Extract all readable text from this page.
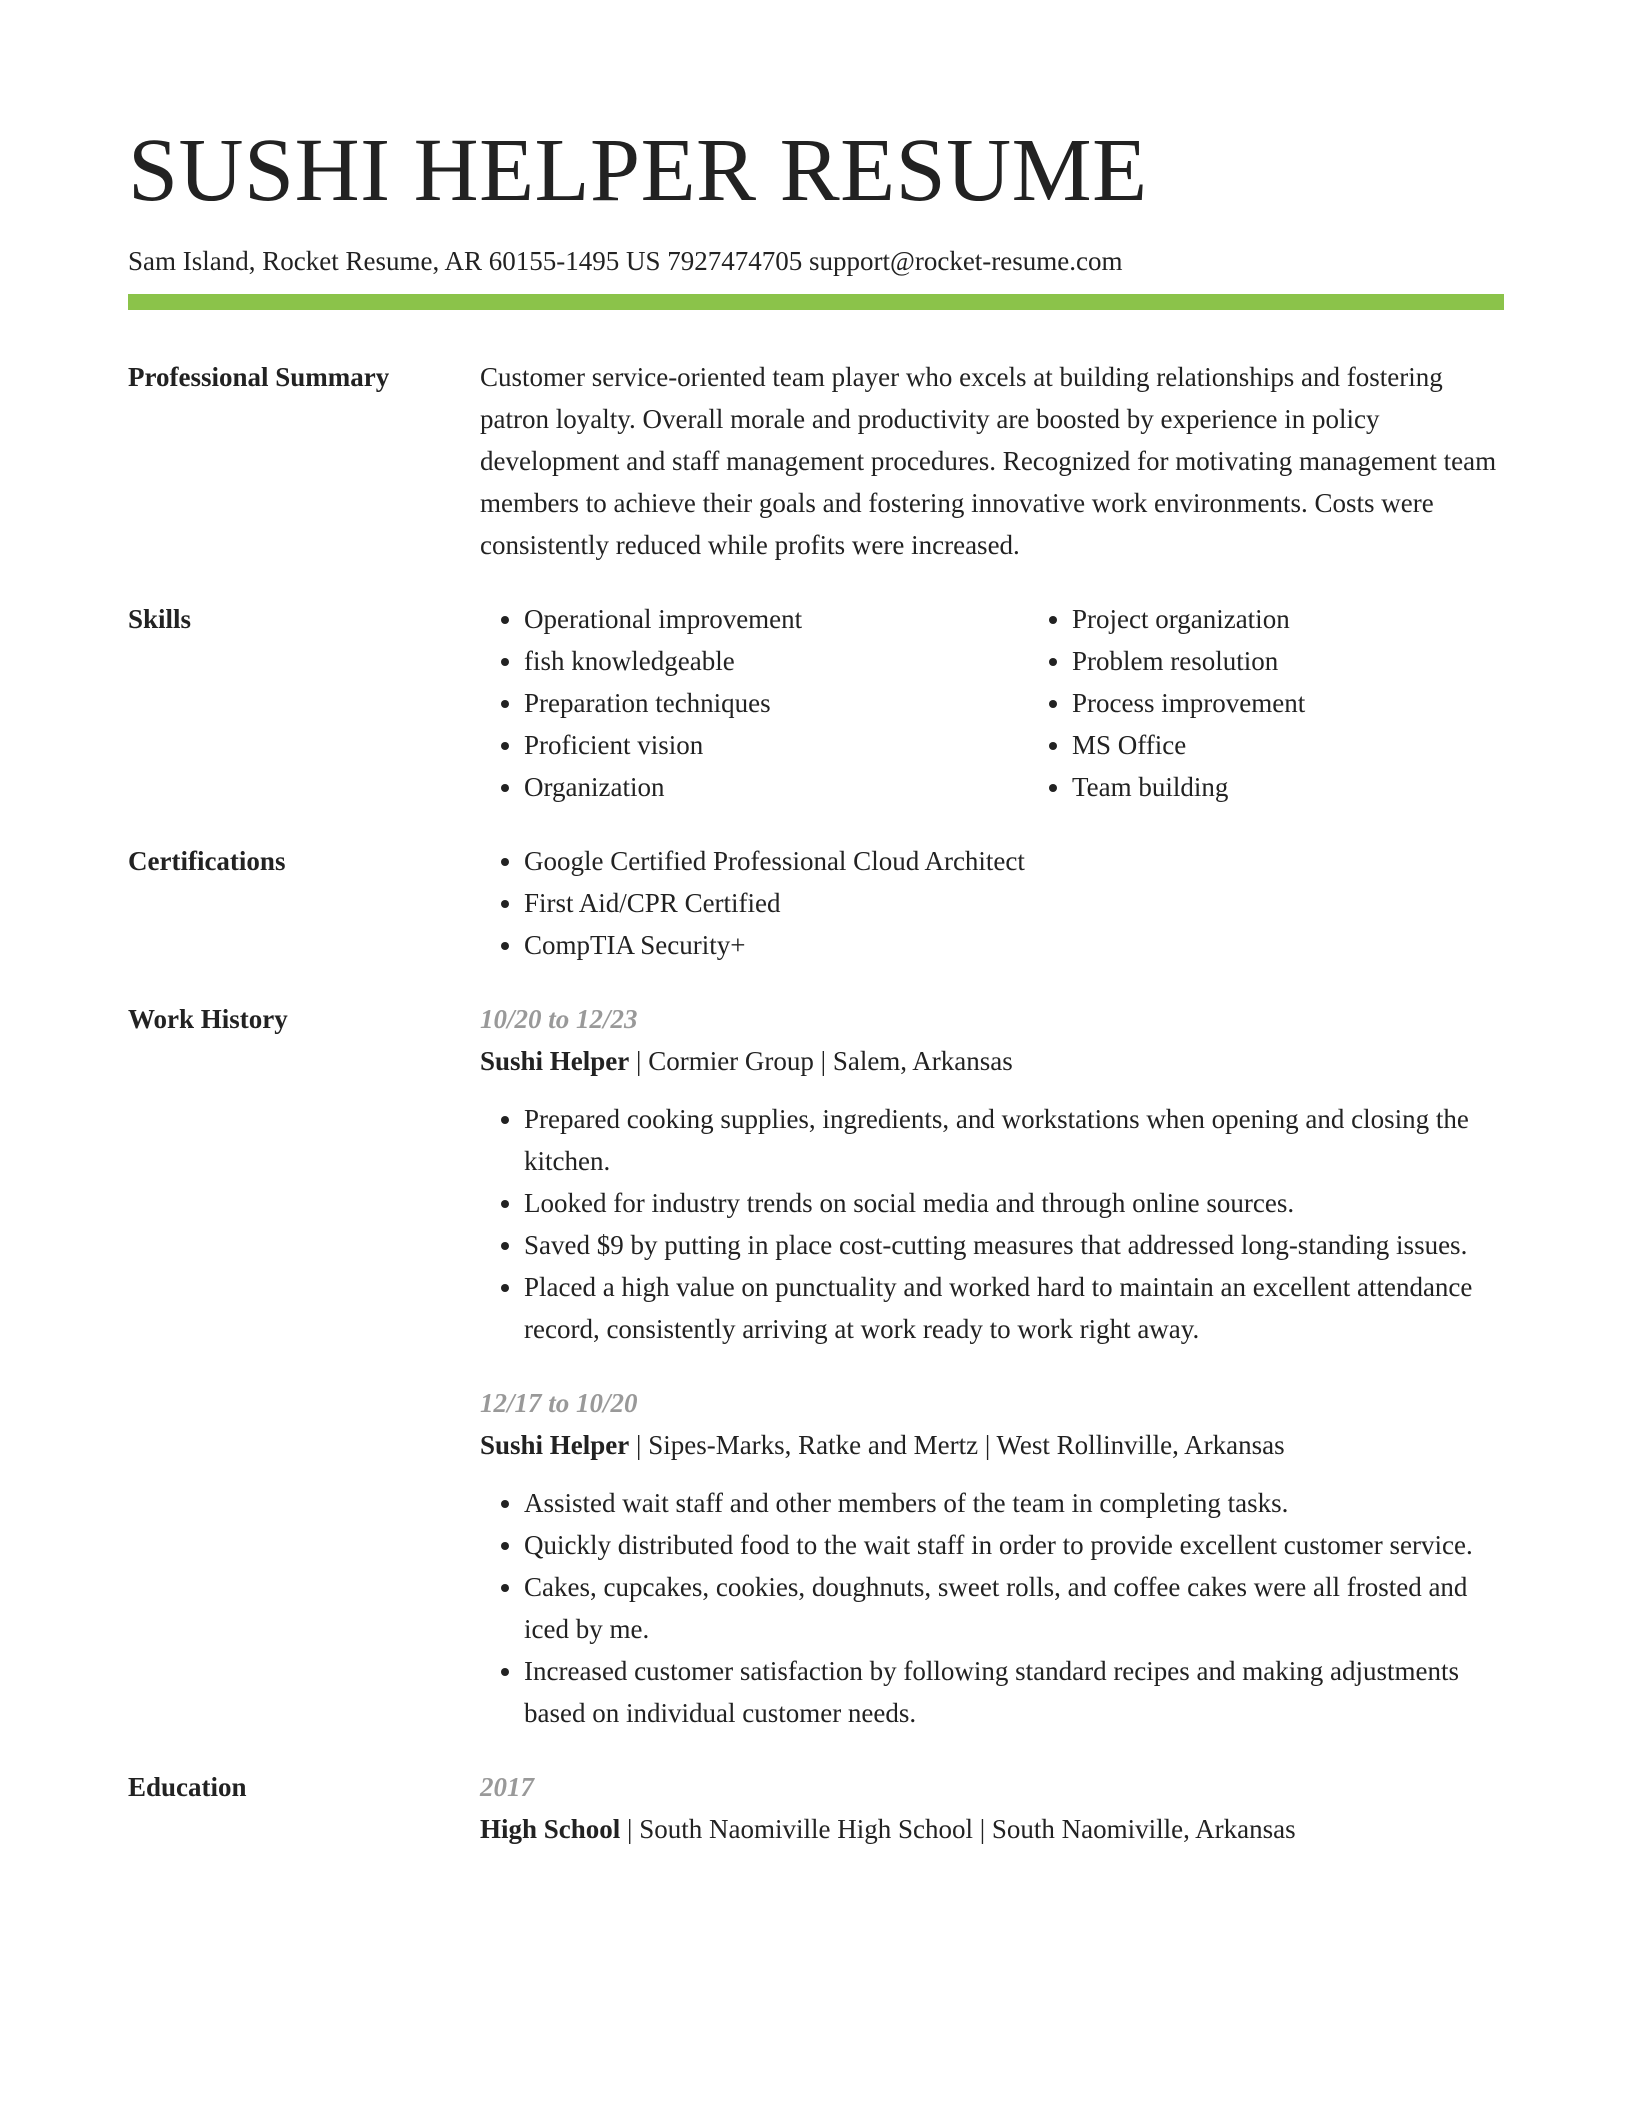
SUSHI HELPER RESUME
Sam Island, Rocket Resume, AR 60155-1495 US 7927474705 support@rocket-resume.com
Professional Summary	Customer service-oriented team player who excels at building relationships and fostering patron loyalty. Overall morale and productivity are boosted by experience in policy development and staff management procedures. Recognized for motivating management team members to achieve their goals and fostering innovative work environments. Costs were consistently reduced while profits were increased.

Skills	• Operational improvement
• fish knowledgeable
• Preparation techniques
• Proficient vision
• Organization
• Project organization
• Problem resolution
• Process improvement
• MS Office
• Team building
Certifications	• Google Certified Professional Cloud Architect
• First Aid/CPR Certified
• CompTIA Security+
Work History	10/20 to 12/23
Sushi Helper | Cormier Group | Salem, Arkansas
• Prepared cooking supplies, ingredients, and workstations when opening and closing the kitchen.
• Looked for industry trends on social media and through online sources.
• Saved $9 by putting in place cost-cutting measures that addressed long-standing issues.
• Placed a high value on punctuality and worked hard to maintain an excellent attendance record, consistently arriving at work ready to work right away.
12/17 to 10/20
Sushi Helper | Sipes-Marks, Ratke and Mertz | West Rollinville, Arkansas
• Assisted wait staff and other members of the team in completing tasks.
• Quickly distributed food to the wait staff in order to provide excellent customer service.
• Cakes, cupcakes, cookies, doughnuts, sweet rolls, and coffee cakes were all frosted and iced by me.
• Increased customer satisfaction by following standard recipes and making adjustments based on individual customer needs.
Education	2017
High School | South Naomiville High School | South Naomiville, Arkansas
